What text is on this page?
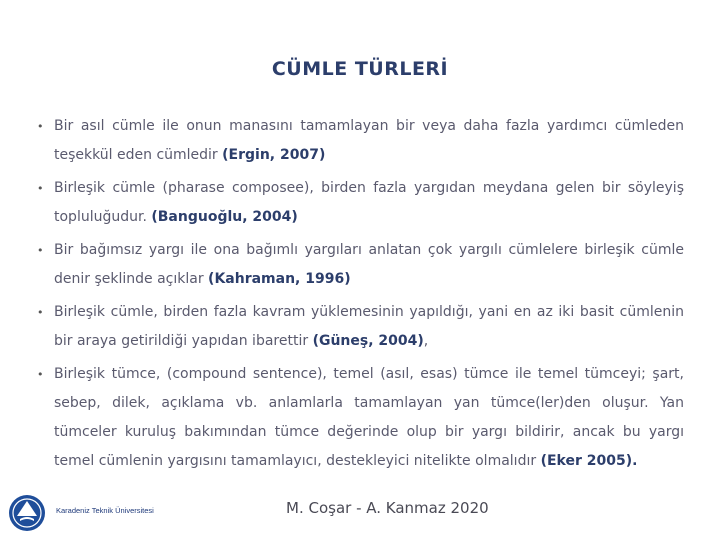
CÜMLE TÜRLERİ
• Bir asıl cümle ile onun manasını tamamlayan bir veya daha fazla yardımcı cümleden teşekkül eden cümledir (Ergin, 2007)
• Birleşik cümle (pharase composee), birden fazla yargıdan meydana gelen bir söyleyiş topluluğudur. (Banguoğlu, 2004)
• Bir bağımsız yargı ile ona bağımlı yargıları anlatan çok yargılı cümlelere birleşik cümle denir şeklinde açıklar (Kahraman, 1996)
• Birleşik cümle, birden fazla kavram yüklemesinin yapıldığı, yani en az iki basit cümlenin bir araya getirildiği yapıdan ibarettir (Güneş, 2004),
• Birleşik tümce, (compound sentence), temel (asıl, esas) tümce ile temel tümceyi; şart, sebep, dilek, açıklama vb. anlamlarla tamamlayan yan tümce(ler)den oluşur. Yan tümceler kuruluş bakımından tümce değerinde olup bir yargı bildirir, ancak bu yargı temel cümlenin yargısını tamamlayıcı, destekleyici nitelikte olmalıdır (Eker 2005).
Karadeniz Teknik Üniversitesi	M. Coşar - A. Kanmaz 2020
